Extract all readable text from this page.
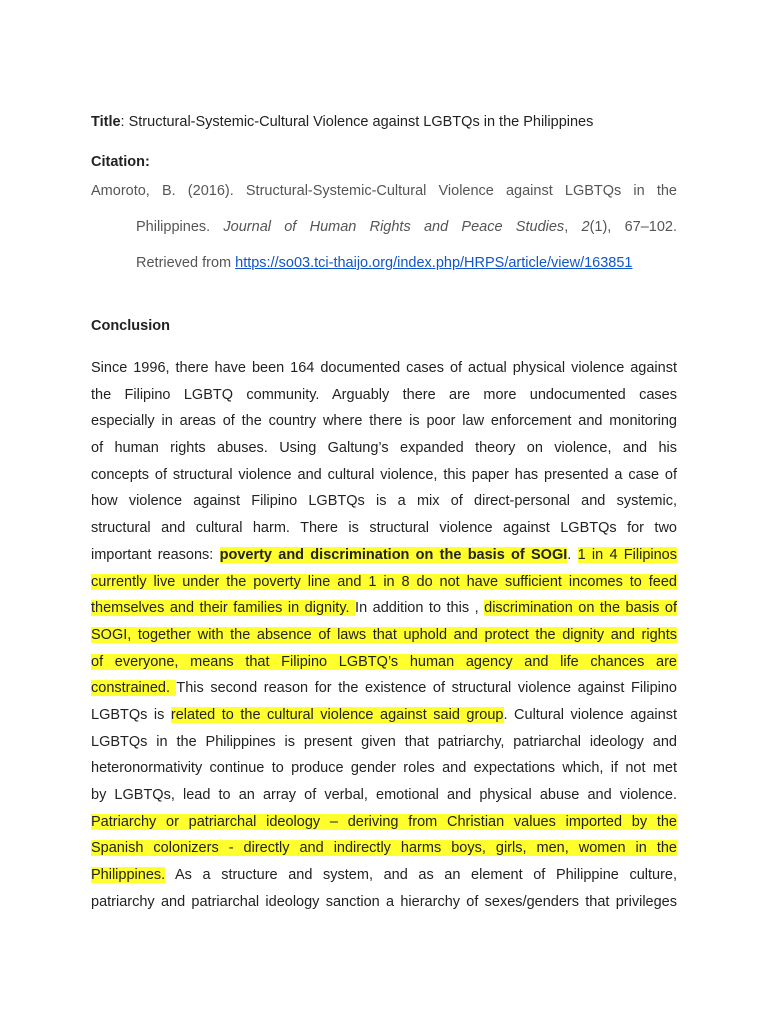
Title: Structural-Systemic-Cultural Violence against LGBTQs in the Philippines
Citation:
Amoroto, B. (2016). Structural-Systemic-Cultural Violence against LGBTQs in the
Philippines. Journal of Human Rights and Peace Studies, 2(1), 67–102.
Retrieved from https://so03.tci-thaijo.org/index.php/HRPS/article/view/163851
Conclusion
Since 1996, there have been 164 documented cases of actual physical violence against
the Filipino LGBTQ community. Arguably there are more undocumented cases
especially in areas of the country where there is poor law enforcement and monitoring
of human rights abuses. Using Galtung’s expanded theory on violence, and his
concepts of structural violence and cultural violence, this paper has presented a case of
how violence against Filipino LGBTQs is a mix of direct-personal and systemic,
structural and cultural harm. There is structural violence against LGBTQs for two
important reasons: poverty and discrimination on the basis of SOGI. 1 in 4 Filipinos
currently live under the poverty line and 1 in 8 do not have sufficient incomes to feed
themselves and their families in dignity. In addition to this , discrimination on the basis of
SOGI, together with the absence of laws that uphold and protect the dignity and rights
of everyone, means that Filipino LGBTQ’s human agency and life chances are
constrained. This second reason for the existence of structural violence against Filipino
LGBTQs is related to the cultural violence against said group. Cultural violence against
LGBTQs in the Philippines is present given that patriarchy, patriarchal ideology and
heteronormativity continue to produce gender roles and expectations which, if not met
by LGBTQs, lead to an array of verbal, emotional and physical abuse and violence.
Patriarchy or patriarchal ideology – deriving from Christian values imported by the
Spanish colonizers - directly and indirectly harms boys, girls, men, women in the
Philippines. As a structure and system, and as an element of Philippine culture,
patriarchy and patriarchal ideology sanction a hierarchy of sexes/genders that privileges
